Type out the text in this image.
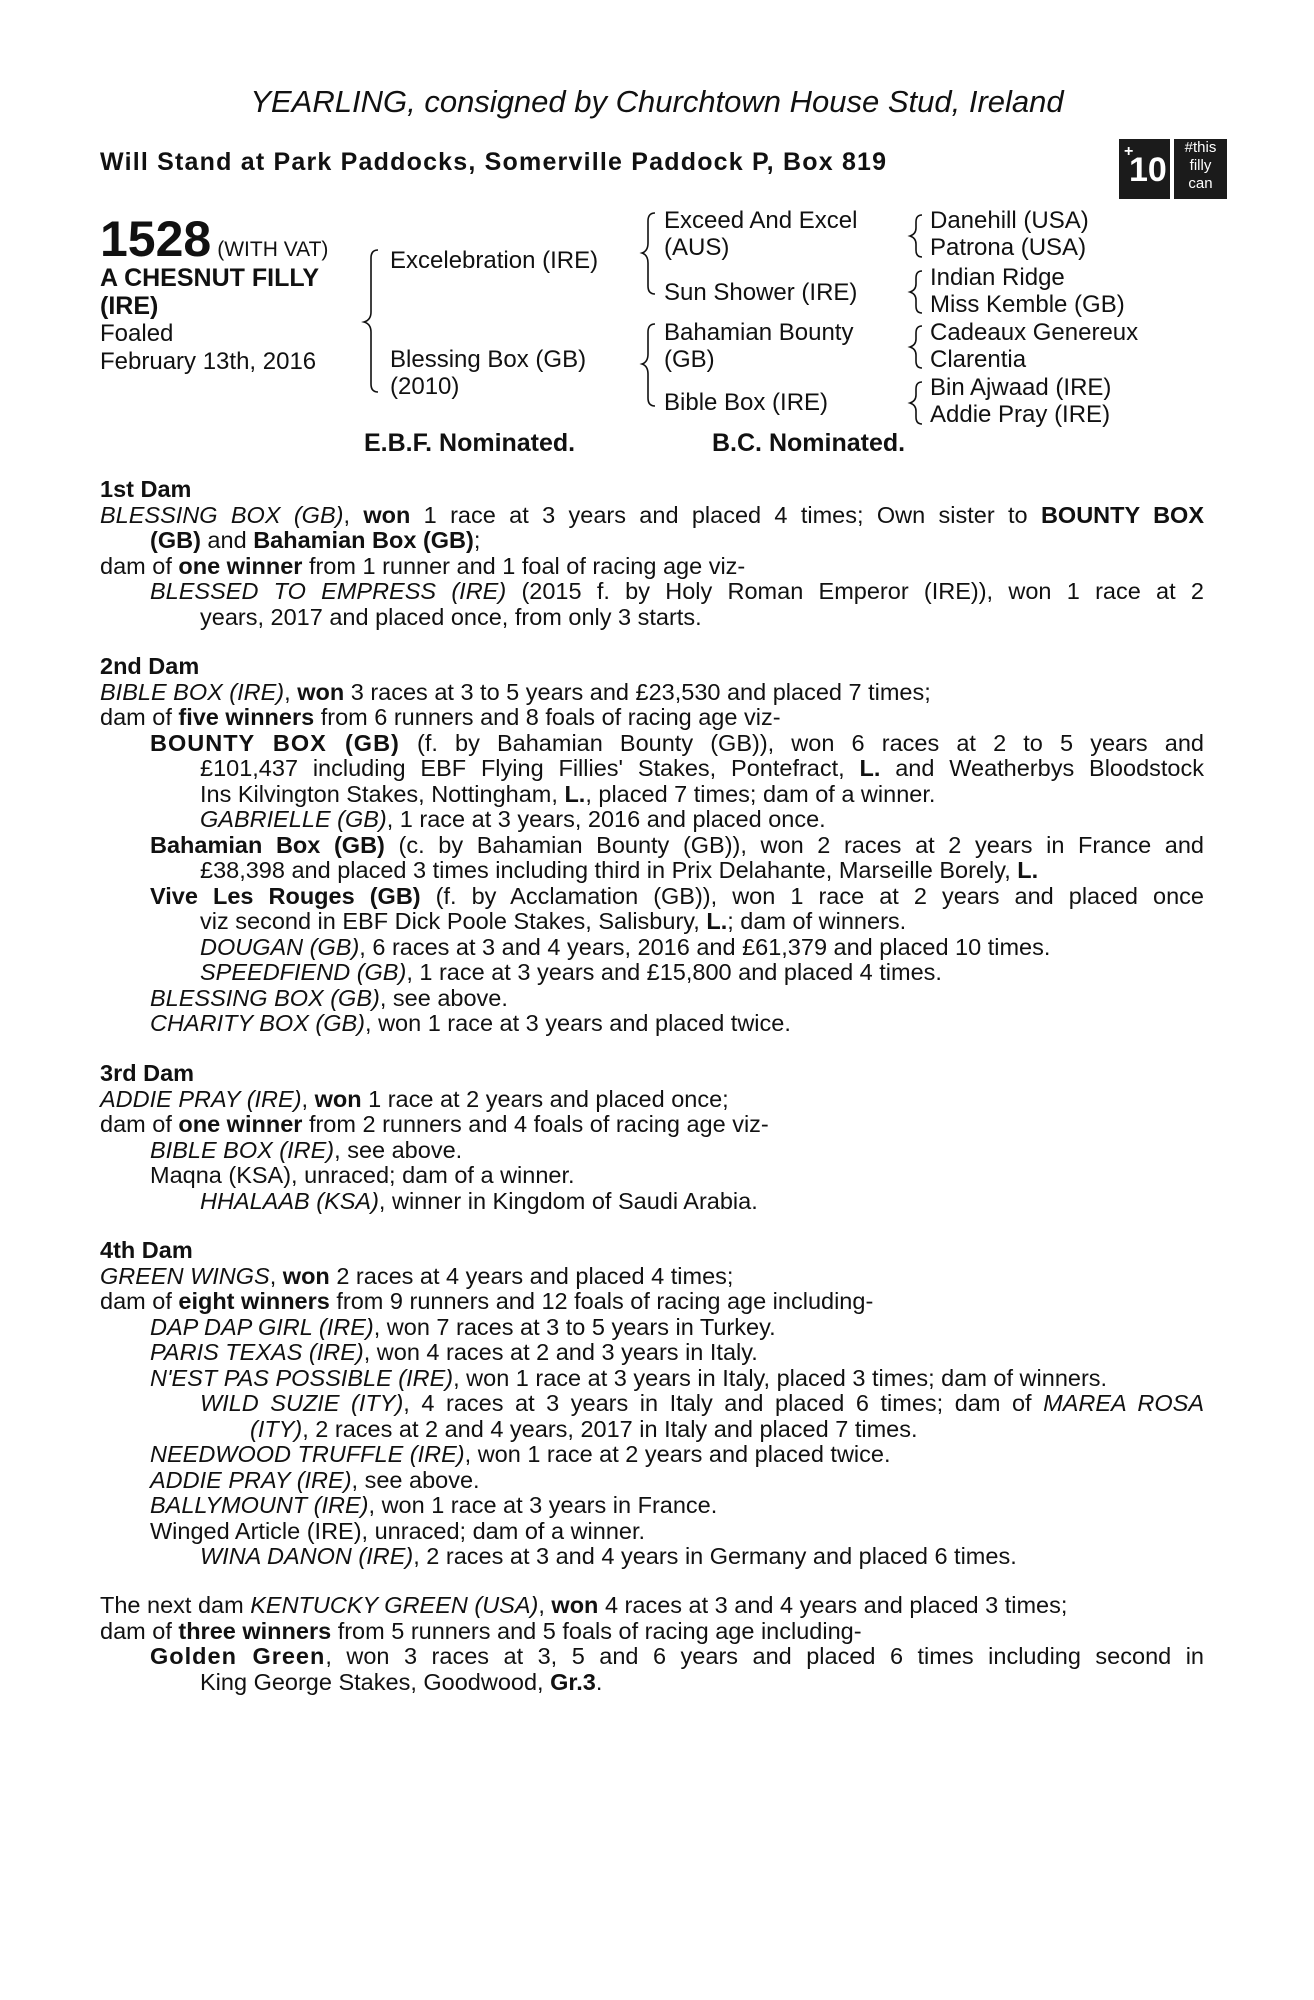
YEARLING, consigned by Churchtown House Stud, Ireland
Will Stand at Park Paddocks, Somerville Paddock P, Box 819	+
10
#this
filly
can
1528 (WITH VAT)
A CHESNUT FILLY
(IRE)
Foaled
February 13th, 2016
Excelebration (IRE)
Blessing Box (GB)
(2010)
Exceed And Excel
(AUS)
Sun Shower (IRE)
Bahamian Bounty
(GB)
Bible Box (IRE)
Danehill (USA)
Patrona (USA)
Indian Ridge
Miss Kemble (GB)
Cadeaux Genereux
Clarentia
Bin Ajwaad (IRE)
Addie Pray (IRE)
E.B.F. Nominated.	B.C. Nominated.
1st Dam
BLESSING BOX (GB), won 1 race at 3 years and placed 4 times; Own sister to BOUNTY BOX
(GB) and Bahamian Box (GB);
dam of one winner from 1 runner and 1 foal of racing age viz-
BLESSED TO EMPRESS (IRE) (2015 f. by Holy Roman Emperor (IRE)), won 1 race at 2
years, 2017 and placed once, from only 3 starts.
2nd Dam
BIBLE BOX (IRE), won 3 races at 3 to 5 years and £23,530 and placed 7 times;
dam of five winners from 6 runners and 8 foals of racing age viz-
BOUNTY BOX (GB) (f. by Bahamian Bounty (GB)), won 6 races at 2 to 5 years and
£101,437 including EBF Flying Fillies' Stakes, Pontefract, L. and Weatherbys Bloodstock
Ins Kilvington Stakes, Nottingham, L., placed 7 times; dam of a winner.
GABRIELLE (GB), 1 race at 3 years, 2016 and placed once.
Bahamian Box (GB) (c. by Bahamian Bounty (GB)), won 2 races at 2 years in France and
£38,398 and placed 3 times including third in Prix Delahante, Marseille Borely, L.
Vive Les Rouges (GB) (f. by Acclamation (GB)), won 1 race at 2 years and placed once
viz second in EBF Dick Poole Stakes, Salisbury, L.; dam of winners.
DOUGAN (GB), 6 races at 3 and 4 years, 2016 and £61,379 and placed 10 times.
SPEEDFIEND (GB), 1 race at 3 years and £15,800 and placed 4 times.
BLESSING BOX (GB), see above.
CHARITY BOX (GB), won 1 race at 3 years and placed twice.
3rd Dam
ADDIE PRAY (IRE), won 1 race at 2 years and placed once;
dam of one winner from 2 runners and 4 foals of racing age viz-
BIBLE BOX (IRE), see above.
Maqna (KSA), unraced; dam of a winner.
HHALAAB (KSA), winner in Kingdom of Saudi Arabia.
4th Dam
GREEN WINGS, won 2 races at 4 years and placed 4 times;
dam of eight winners from 9 runners and 12 foals of racing age including-
DAP DAP GIRL (IRE), won 7 races at 3 to 5 years in Turkey.
PARIS TEXAS (IRE), won 4 races at 2 and 3 years in Italy.
N'EST PAS POSSIBLE (IRE), won 1 race at 3 years in Italy, placed 3 times; dam of winners.
WILD SUZIE (ITY), 4 races at 3 years in Italy and placed 6 times; dam of MAREA ROSA
(ITY), 2 races at 2 and 4 years, 2017 in Italy and placed 7 times.
NEEDWOOD TRUFFLE (IRE), won 1 race at 2 years and placed twice.
ADDIE PRAY (IRE), see above.
BALLYMOUNT (IRE), won 1 race at 3 years in France.
Winged Article (IRE), unraced; dam of a winner.
WINA DANON (IRE), 2 races at 3 and 4 years in Germany and placed 6 times.
The next dam KENTUCKY GREEN (USA), won 4 races at 3 and 4 years and placed 3 times;
dam of three winners from 5 runners and 5 foals of racing age including-
Golden Green, won 3 races at 3, 5 and 6 years and placed 6 times including second in
King George Stakes, Goodwood, Gr.3.
